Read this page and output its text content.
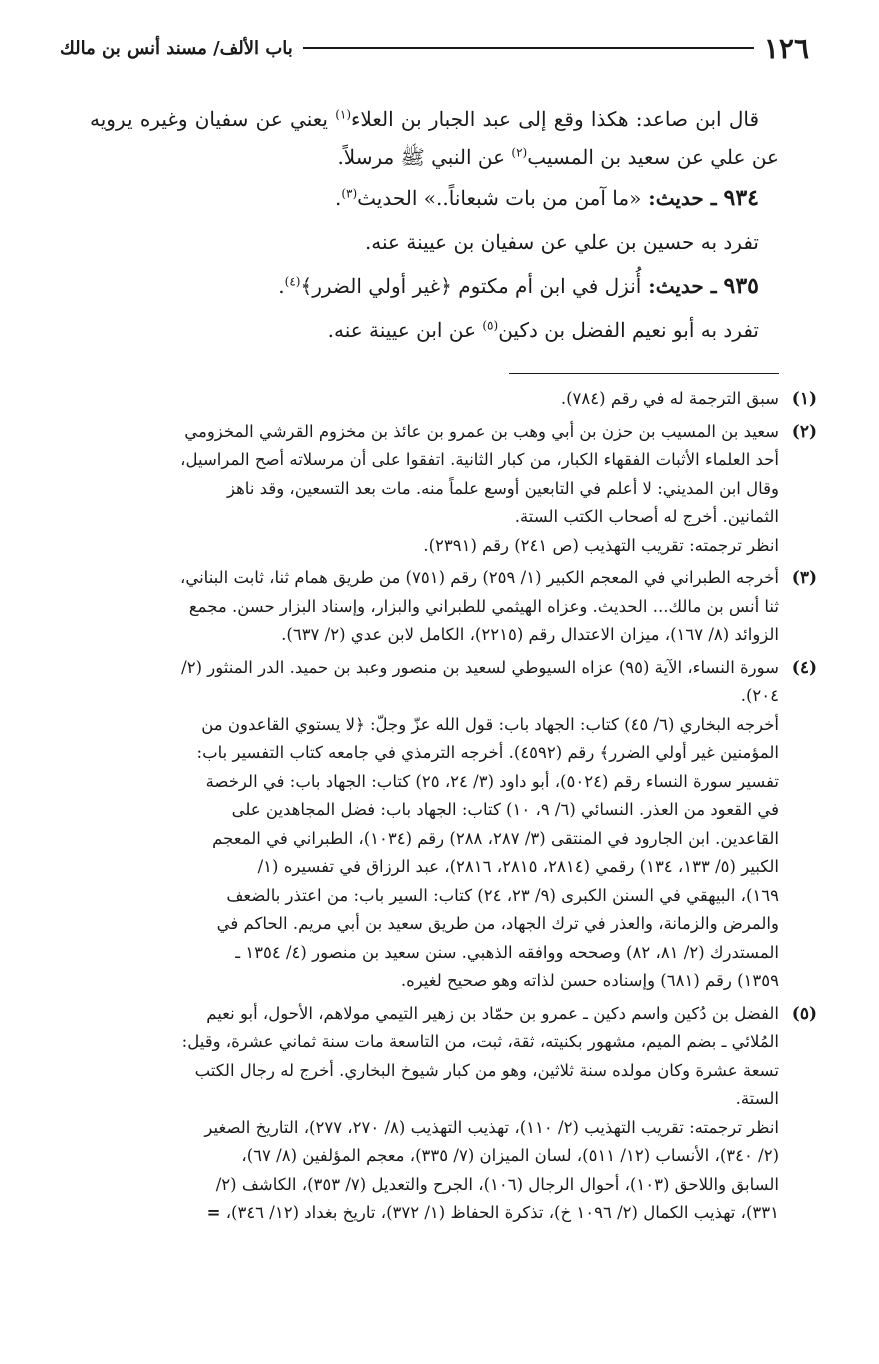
١٢٦
باب الألف/ مسند أنس بن مالك

قال ابن صاعد: هكذا وقع إلى عبد الجبار بن العلاء$^{(١)}$ يعني عن سفيان وغيره يرويه عن علي عن سعيد بن المسيب$^{(٢)}$ عن النبي ﷺ مرسلاً.

٩٣٤ ـ حديث: «ما آمن من بات شبعاناً..» الحديث$^{(٣)}$.

تفرد به حسين بن علي عن سفيان بن عيينة عنه.

٩٣٥ ـ حديث: أُنزل في ابن أم مكتوم ﴿غير أولي الضرر﴾$^{(٤)}$.

تفرد به أبو نعيم الفضل بن دكين$^{(٥)}$ عن ابن عيينة عنه.

(١)

سبق الترجمة له في رقم (٧٨٤).

(٢)

سعيد بن المسيب بن حزن بن أبي وهب بن عمرو بن عائذ بن مخزوم القرشي المخزومي

أحد العلماء الأثبات الفقهاء الكبار، من كبار الثانية. اتفقوا على أن مرسلاته أصح المراسيل،

وقال ابن المديني: لا أعلم في التابعين أوسع علماً منه. مات بعد التسعين، وقد ناهز

الثمانين. أخرج له أصحاب الكتب الستة.

انظر ترجمته: تقريب التهذيب (ص ٢٤١) رقم (٢٣٩١).

(٣)

أخرجه الطبراني في المعجم الكبير (١/ ٢٥٩) رقم (٧٥١) من طريق همام ثنا، ثابت البناني،

ثنا أنس بن مالك... الحديث. وعزاه الهيثمي للطبراني والبزار، وإسناد البزار حسن. مجمع

الزوائد (٨/ ١٦٧)، ميزان الاعتدال رقم (٢٢١٥)، الكامل لابن عدي (٢/ ٦٣٧).

(٤)

سورة النساء، الآية (٩٥) عزاه السيوطي لسعيد بن منصور وعبد بن حميد. الدر المنثور (٢/

٢٠٤).

أخرجه البخاري (٦/ ٤٥) كتاب: الجهاد باب: قول الله عزّ وجلّ: ﴿لا يستوي القاعدون من

المؤمنين غير أولي الضرر﴾ رقم (٤٥٩٢). أخرجه الترمذي في جامعه كتاب التفسير باب:

تفسير سورة النساء رقم (٥٠٢٤)، أبو داود (٣/ ٢٤، ٢٥) كتاب: الجهاد باب: في الرخصة

في القعود من العذر. النسائي (٦/ ٩، ١٠) كتاب: الجهاد باب: فضل المجاهدين على

القاعدين. ابن الجارود في المنتقى (٣/ ٢٨٧، ٢٨٨) رقم (١٠٣٤)، الطبراني في المعجم

الكبير (٥/ ١٣٣، ١٣٤) رقمي (٢٨١٤، ٢٨١٥، ٢٨١٦)، عبد الرزاق في تفسيره (١/

١٦٩)، البيهقي في السنن الكبرى (٩/ ٢٣، ٢٤) كتاب: السير باب: من اعتذر بالضعف

والمرض والزمانة، والعذر في ترك الجهاد، من طريق سعيد بن أبي مريم. الحاكم في

المستدرك (٢/ ٨١، ٨٢) وصححه ووافقه الذهبي. سنن سعيد بن منصور (٤/ ١٣٥٤ ـ

١٣٥٩) رقم (٦٨١) وإسناده حسن لذاته وهو صحيح لغيره.

(٥)

الفضل بن دُكين واسم دكين ـ عمرو بن حمّاد بن زهير التيمي مولاهم، الأحول، أبو نعيم

المُلائي ـ بضم الميم، مشهور بكنيته، ثقة، ثبت، من التاسعة مات سنة ثماني عشرة، وقيل:

تسعة عشرة وكان مولده سنة ثلاثين، وهو من كبار شيوخ البخاري. أخرج له رجال الكتب

الستة.

انظر ترجمته: تقريب التهذيب (٢/ ١١٠)، تهذيب التهذيب (٨/ ٢٧٠، ٢٧٧)، التاريخ الصغير

(٢/ ٣٤٠)، الأنساب (١٢/ ٥١١)، لسان الميزان (٧/ ٣٣٥)، معجم المؤلفين (٨/ ٦٧)،

السابق واللاحق (١٠٣)، أحوال الرجال (١٠٦)، الجرح والتعديل (٧/ ٣٥٣)، الكاشف (٢/

٣٣١)، تهذيب الكمال (٢/ ١٠٩٦ خ)، تذكرة الحفاظ (١/ ٣٧٢)، تاريخ بغداد (١٢/ ٣٤٦)، =
